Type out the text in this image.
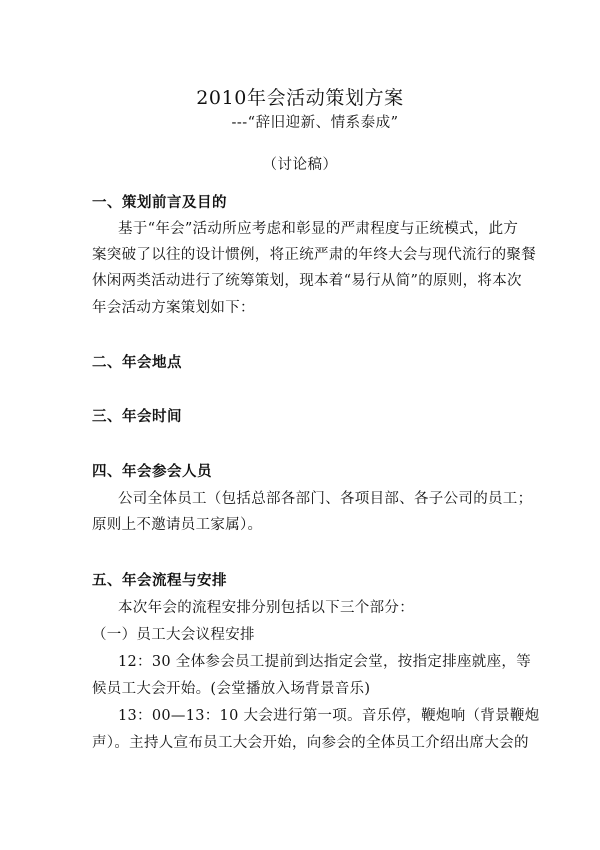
2010年会活动策划方案
---“辞旧迎新、情系泰成”
（讨论稿）
一、策划前言及目的
基于“年会”活动所应考虑和彰显的严肃程度与正统模式，此方
案突破了以往的设计惯例，将正统严肃的年终大会与现代流行的聚餐
休闲两类活动进行了统筹策划，现本着“易行从简”的原则，将本次
年会活动方案策划如下：
二、年会地点
三、年会时间
四、年会参会人员
公司全体员工（包括总部各部门、各项目部、各子公司的员工；
原则上不邀请员工家属）。
五、年会流程与安排
本次年会的流程安排分别包括以下三个部分：
（一）员工大会议程安排
12：30 全体参会员工提前到达指定会堂，按指定排座就座，等
候员工大会开始。(会堂播放入场背景音乐)
13：00—13：10 大会进行第一项。音乐停，鞭炮响（背景鞭炮
声）。主持人宣布员工大会开始，向参会的全体员工介绍出席大会的
